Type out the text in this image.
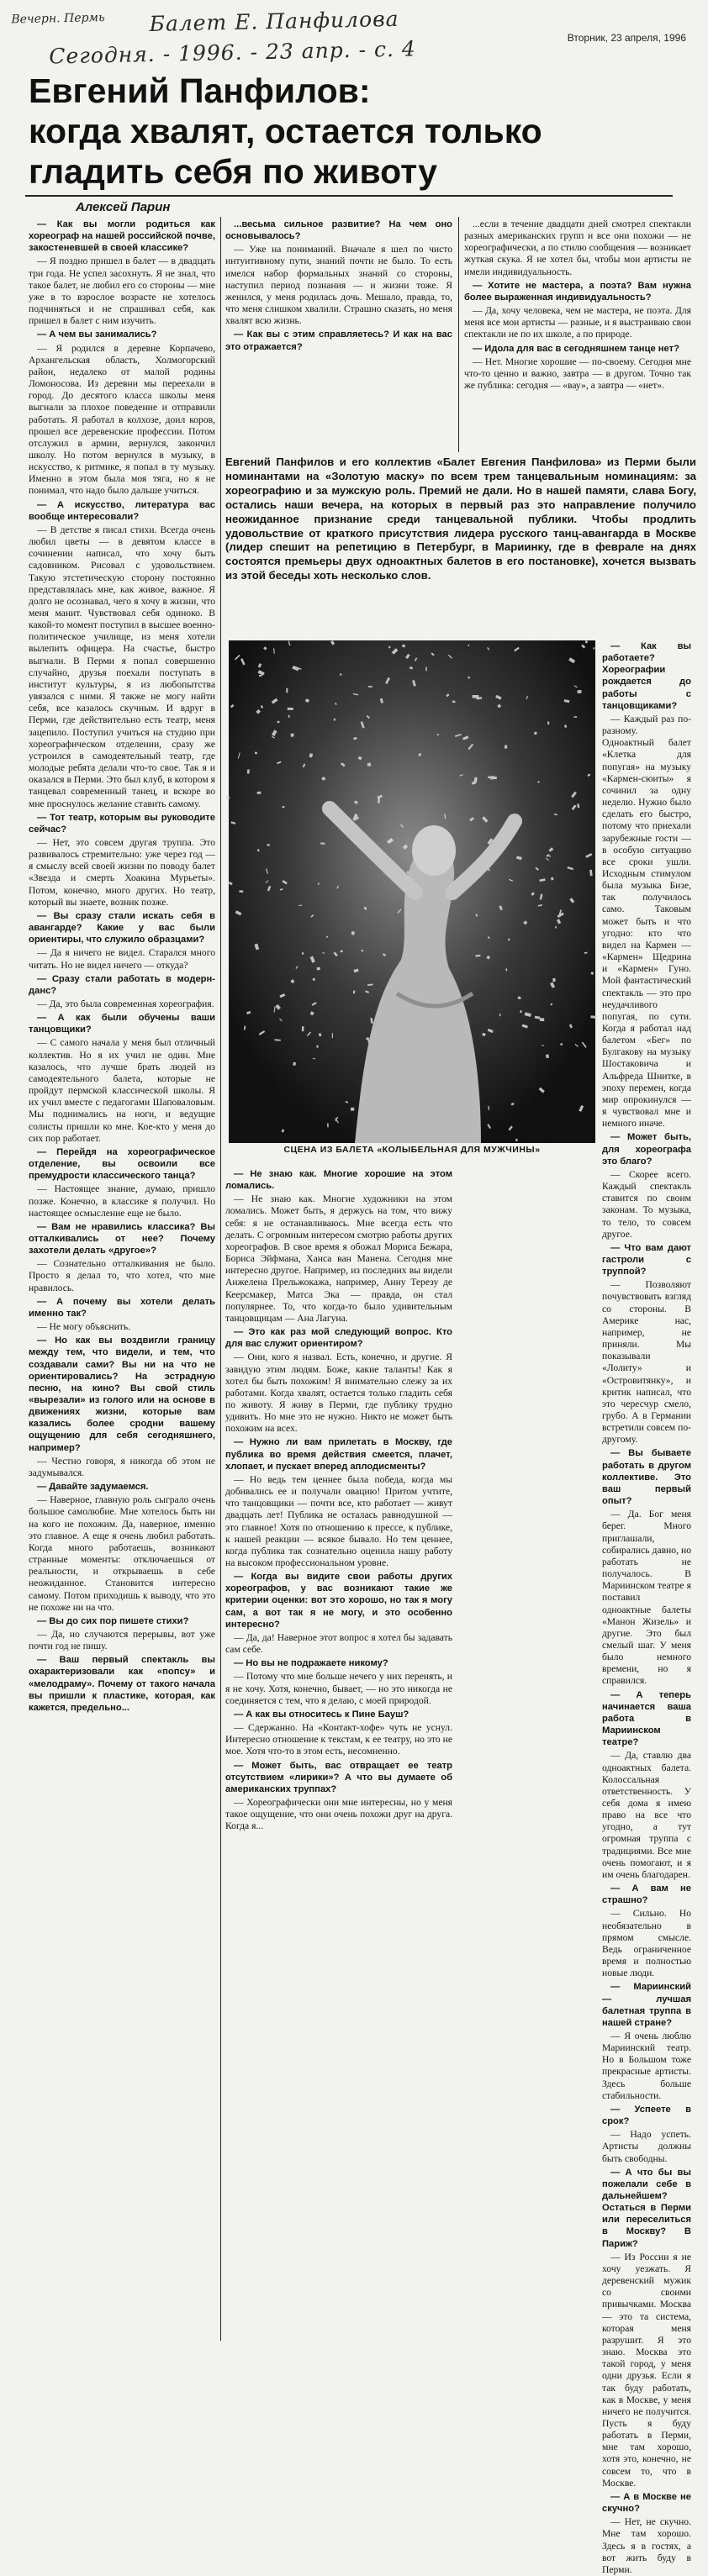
Вечерн. Пермь Балет Е. Панфилова
Сегодня. - 1996. - 23 апр. - с. 4	Вторник, 23 апреля, 1996
Евгений Панфилов:
когда хвалят, остается только
гладить себя по животу
Алексей Парин

— Как вы могли родиться как хореограф на нашей российской почве, закостеневшей в своей классике?

— Я поздно пришел в балет — в двадцать три года. Не успел засохнуть. Я не знал, что такое балет, не любил его со стороны — мне уже в то взрослое возрасте не хотелось подчиняться и не спрашивал себя, как пришел в балет с ним изучить.

— А чем вы занимались?

— Я родился в деревне Корпачево, Архангельская область, Холмогорский район, недалеко от малой родины Ломоносова. Из деревни мы переехали в город. До десятого класса школы меня выгнали за плохое поведение и отправили работать. Я работал в колхозе, доил коров, прошел все деревенские профессии. Потом отслужил в армии, вернулся, закончил школу. Но потом вернулся в музыку, в искусство, к ритмике, я попал в ту музыку. Именно в этом была моя тяга, но я не понимал, что надо было дальше учиться.

— А искусство, литература вас вообще интересовали?

— В детстве я писал стихи. Всегда очень любил цветы — в девятом классе в сочинении написал, что хочу быть садовником. Рисовал с удовольствием. Такую этстетическую сторону постоянно представлялась мне, как живое, важное. Я долго не осознавал, чего я хочу в жизни, что меня манит. Чувствовал себя одиноко. В какой-то момент поступил в высшее военно-политическое училище, из меня хотели вылепить офицера. На счастье, быстро выгнали. В Перми я попал совершенно случайно, друзья поехали поступать в институт культуры, я из любопытства увязался с ними. Я также не могу найти себя, все казалось скучным. И вдруг в Перми, где действительно есть театр, меня зацепило. Поступил учиться на студию при хореографическом отделении, сразу же устроился в самодеятельный театр, где молодые ребята делали что-то свое. Так я и оказался в Перми. Это был клуб, в котором я танцевал современный танец, и вскоре во мне проснулось желание ставить самому.

— Тот театр, которым вы руководите сейчас?

— Нет, это совсем другая труппа. Это развивалось стремительно: уже через год — я смыслу всей своей жизни по поводу балет «Звезда и смерть Хоакина Мурьеты». Потом, конечно, много других. Но театр, который вы знаете, возник позже.

— Вы сразу стали искать себя в авангарде? Какие у вас были ориентиры, что служило образцами?

— Да я ничего не видел. Старался много читать. Но не видел ничего — откуда?

— Сразу стали работать в модерн-данс?

— Да, это была современная хореография.

— А как были обучены ваши танцовщики?

— С самого начала у меня был отличный коллектив. Но я их учил не один. Мне казалось, что лучше брать людей из самодеятельного балета, которые не пройдут пермской классической школы. Я их учил вместе с педагогами Шаповаловым. Мы поднимались на ноги, и ведущие солисты пришли ко мне. Кое-кто у меня до сих пор работает.

— Перейдя на хореографическое отделение, вы освоили все премудрости классического танца?

— Настоящее знание, думаю, пришло позже. Конечно, в классике я получил. Но настоящее осмысление еще не было.

— Вам не нравились классика? Вы отталкивались от нее? Почему захотели делать «другое»?

— Сознательно отталкивания не было. Просто я делал то, что хотел, что мне нравилось.

— А почему вы хотели делать именно так?

— Не могу объяснить.

— Но как вы воздвигли границу между тем, что видели, и тем, что создавали сами? Вы ни на что не ориентировались? На эстрадную песню, на кино? Вы свой стиль «вырезали» из голого или на основе в движениях жизни, которые вам казались более сродни вашему ощущению для себя сегодняшнего, например?

— Честно говоря, я никогда об этом не задумывался.

— Давайте задумаемся.

— Наверное, главную роль сыграло очень большое самолюбие. Мне хотелось быть ни на кого не похожим. Да, наверное, именно это главное. А еще я очень любил работать. Когда много работаешь, возникают странные моменты: отключаешься от реальности, и открываешь в себе неожиданное. Становится интересно самому. Потом приходишь к выводу, что это не похоже ни на что.

— Вы до сих пор пишете стихи?

— Да, но случаются перерывы, вот уже почти год не пишу.

— Ваш первый спектакль вы охарактеризовали как «попсу» и «мелодраму». Почему от такого начала вы пришли к пластике, которая, как кажется, предельно...

...весьма сильное развитие? На чем оно основывалось?

— Уже на пониманий. Вначале я шел по чисто интуитивному пути, знаний почти не было. То есть имелся набор формальных знаний со стороны, наступил период познания — и жизни тоже. Я женился, у меня родилась дочь. Мешало, правда, то, что меня слишком хвалили. Страшно сказать, но меня хвалят всю жизнь.

— Как вы с этим справляетесь? И как на вас это отражается?

...если в течение двадцати дней смотрел спектакли разных американских групп и все они похожи — не хореографически, а по стилю сообщения — возникает жуткая скука. Я не хотел бы, чтобы мои артисты не имели индивидуальность.

— Хотите не мастера, а поэта? Вам нужна более выраженная индивидуальность?

— Да, хочу человека, чем не мастера, не поэта. Для меня все мои артисты — разные, и я выстраиваю свои спектакли не по их школе, а по природе.

— Идола для вас в сегодняшнем танце нет?

— Нет. Многие хорошие — по-своему. Сегодня мне что-то ценно и важно, завтра — в другом. Точно так же публика: сегодня — «вау», а завтра — «нет».

— Не знаю как. Многие хорошие на этом ломались.

— Не знаю как. Многие художники на этом ломались. Может быть, я держусь на том, что вижу себя: я не останавливаюсь. Мне всегда есть что делать. С огромным интересом смотрю работы других хореографов. В свое время я обожал Мориса Бежара, Бориса Эйфмана, Ханса ван Манена. Сегодня мне интересно другое. Например, из последних вы видели Анжелена Прельжокажа, например, Анну Терезу де Кеерсмакер, Матса Эка — правда, он стал популярнее. То, что когда-то было удивительным танцовщицам — Ана Лагуна.

— Это как раз мой следующий вопрос. Кто для вас служит ориентиром?

— Они, кого я назвал. Есть, конечно, и другие. Я завидую этим людям. Боже, какие таланты! Как я хотел бы быть похожим! Я внимательно слежу за их работами. Когда хвалят, остается только гладить себя по животу. Я живу в Перми, где публику трудно удивить. Но мне это не нужно. Никто не может быть похожим на всех.

— Нужно ли вам прилетать в Москву, где публика во время действия смеется, плачет, хлопает, и пускает вперед аплодисменты?

— Но ведь тем ценнее была победа, когда мы добивались ее и получали овацию! Притом учтите, что танцовщики — почти все, кто работает — живут двадцать лет! Публика не осталась равнодушной — это главное! Хотя по отношению к прессе, к публике, к нашей реакции — всякое бывало. Но тем ценнее, когда публика так сознательно оценила нашу работу на высоком профессиональном уровне.

— Когда вы видите свои работы других хореографов, у вас возникают такие же критерии оценки: вот это хорошо, но так я могу сам, а вот так я не могу, и это особенно интересно?

— Да, да! Наверное этот вопрос я хотел бы задавать сам себе.

— Но вы не подражаете никому?

— Потому что мне больше нечего у них перенять, и я не хочу. Хотя, конечно, бывает, — но это никогда не соединяется с тем, что я делаю, с моей природой.

— А как вы относитесь к Пине Бауш?

— Сдержанно. На «Контакт-хофе» чуть не уснул. Интересно отношение к текстам, к ее театру, но это не мое. Хотя что-то в этом есть, несомненно.

— Может быть, вас отвращает ее театр отсутствием «лирики»? А что вы думаете об американских труппах?

— Хореографически они мне интересны, но у меня такое ощущение, что они очень похожи друг на друга. Когда я...

— Как вы работаете? Хореографии рождается до работы с танцовщиками?

— Каждый раз по-разному. Одноактный балет «Клетка для попугая» на музыку «Кармен-сюиты» я сочинил за одну неделю. Нужно было сделать его быстро, потому что приехали зарубежные гости — в особую ситуацию все сроки ушли. Исходным стимулом была музыка Бизе, так получилось само. Таковым может быть и что угодно: кто что видел на Кармен — «Кармен» Щедрина и «Кармен» Гуно. Мой фантастический спектакль — это про неудачливого попугая, по сути. Когда я работал над балетом «Бег» по Булгакову на музыку Шостаковича и Альфреда Шнитке, в эпоху перемен, когда мир опрокинулся — я чувствовал мне и немного иначе.

— Может быть, для хореографа это благо?

— Скорее всего. Каждый спектакль ставится по своим законам. То музыка, то тело, то совсем другое.

— Что вам дают гастроли с труппой?

— Позволяют почувствовать взгляд со стороны. В Америке нас, например, не приняли. Мы показывали «Лолиту» и «Островитянку», и критик написал, что это чересчур смело, грубо. А в Германии встретили совсем по-другому.

— Вы бываете работать в другом коллективе. Это ваш первый опыт?

— Да. Бог меня берег. Много приглашали, собирались давно, но работать не получалось. В Мариинском театре я поставил одноактные балеты «Манон Жизель» и другие. Это был смелый шаг. У меня было немного времени, но я справился.

— А теперь начинается ваша работа в Мариинском театре?

— Да, ставлю два одноактных балета. Колоссальная ответственность. У себя дома я имею право на все что угодно, а тут огромная труппа с традициями. Все мне очень помогают, и я им очень благодарен.

— А вам не страшно?

— Сильно. Но необязательно в прямом смысле. Ведь ограниченное время и полностью новые люди.

— Мариинский — лучшая балетная труппа в нашей стране?

— Я очень люблю Мариинский театр. Но в Большом тоже прекрасные артисты. Здесь больше стабильности.

— Успеете в срок?

— Надо успеть. Артисты должны быть свободны.

— А что бы вы пожелали себе в дальнейшем? Остаться в Перми или переселиться в Москву? В Париж?

— Из России я не хочу уезжать. Я деревенский мужик со своими привычками. Москва — это та система, которая меня разрушит. Я это знаю. Москва это такой город, у меня одни друзья. Если я так буду работать, как в Москве, у меня ничего не получится. Пусть я буду работать в Перми, мне там хорошо, хотя это, конечно, не совсем то, что в Москве.

— А в Москве не скучно?

— Нет, не скучно. Мне там хорошо. Здесь я в гостях, а вот жить буду в Перми.

Евгений Панфилов и его коллектив «Балет Евгения Панфилова» из Перми были номинантами на «Золотую маску» по всем трем танцевальным номинациям: за хореографию и за мужскую роль. Премий не дали. Но в нашей памяти, слава Богу, остались наши вечера, на которых в первый раз это направление получило неожиданное признание среди танцевальной публики. Чтобы продлить удовольствие от краткого присутствия лидера русского танц-авангарда в Москве (лидер спешит на репетицию в Петербург, в Мариинку, где в феврале на днях состоятся премьеры двух одноактных балетов в его постановке), хочется вызвать из этой беседы хоть несколько слов.
СЦЕНА ИЗ БАЛЕТА «КОЛЫБЕЛЬНАЯ ДЛЯ МУЖЧИНЫ»
